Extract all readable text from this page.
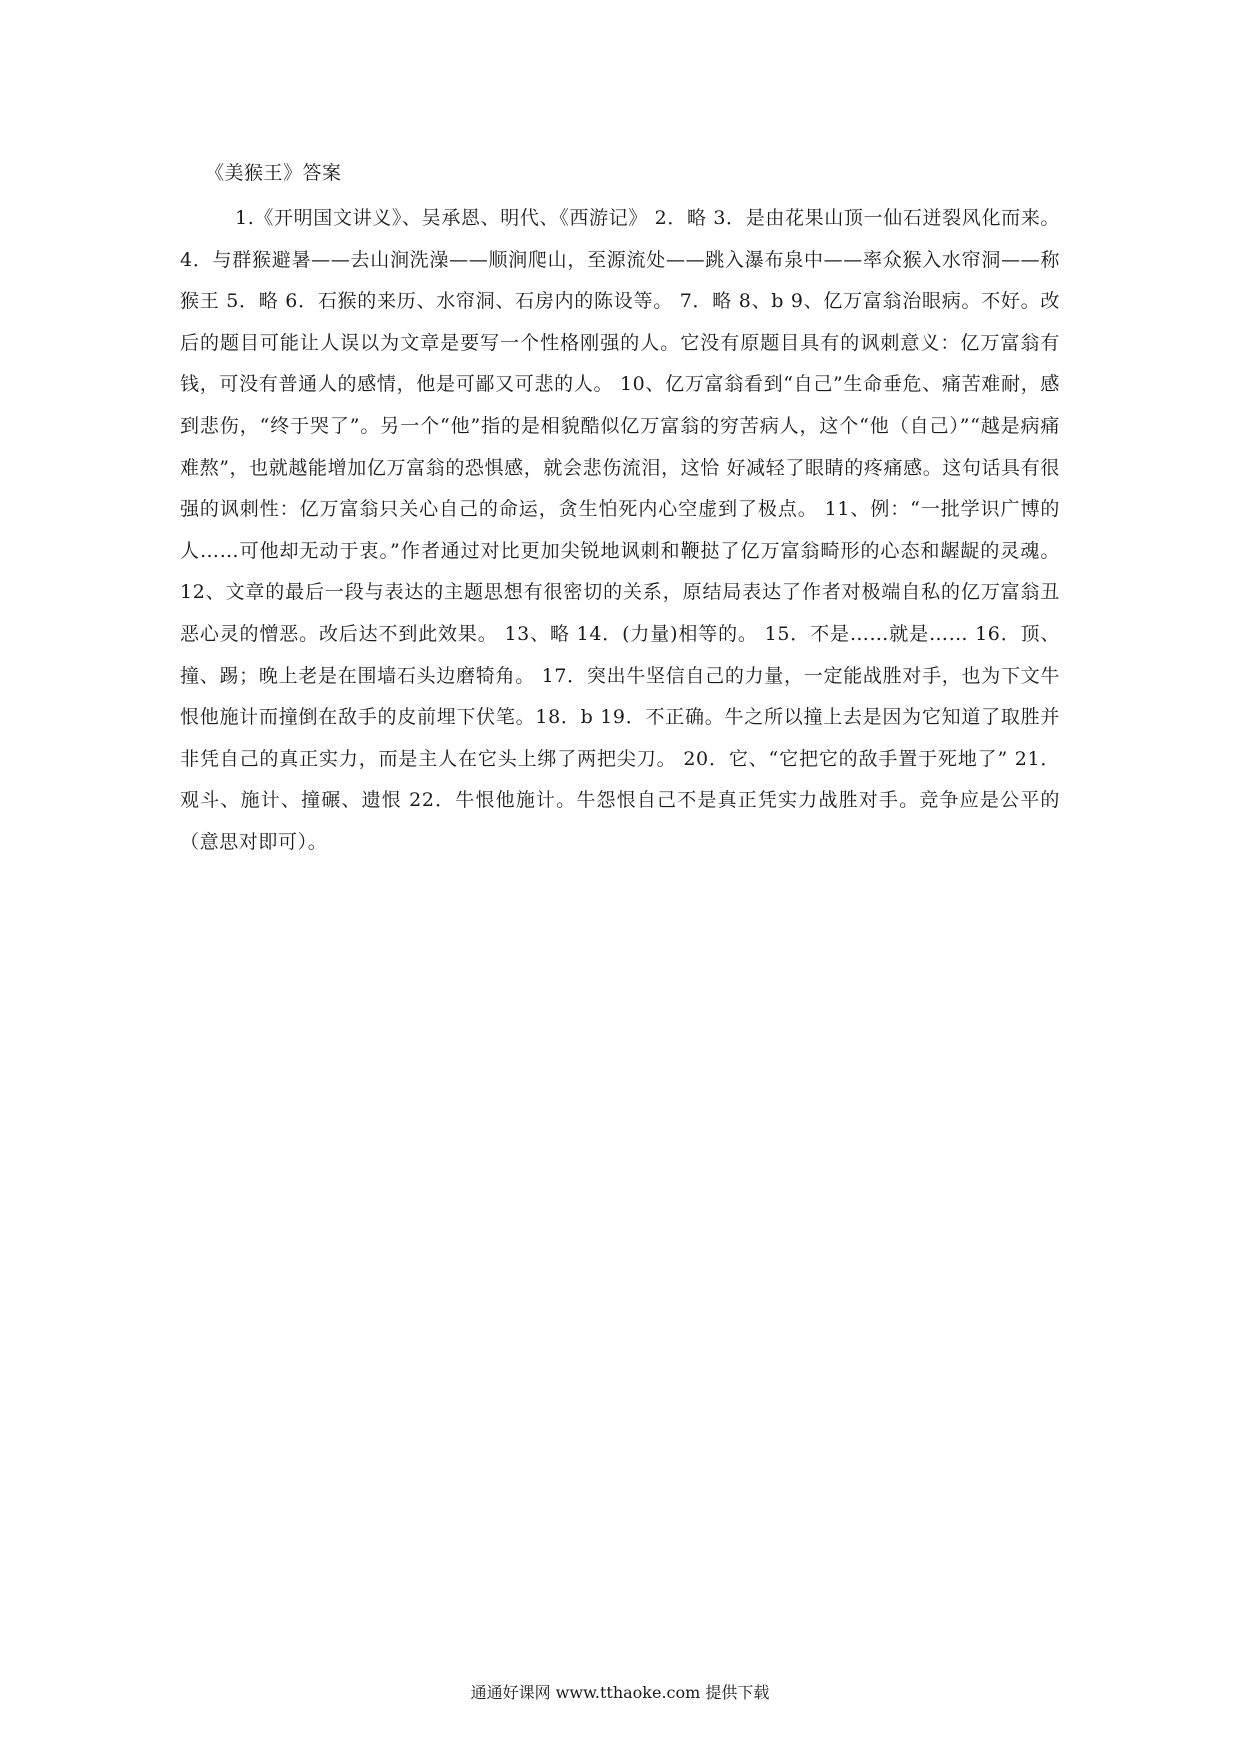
《美猴王》答案
1.《开明国文讲义》、吴承恩、明代、《西游记》 2．略 3．是由花果山顶一仙石迸裂风化而来。 4．与群猴避暑——去山涧洗澡——顺涧爬山，至源流处——跳入瀑布泉中——率众猴入水帘洞——称猴王 5．略 6．石猴的来历、水帘洞、石房内的陈设等。 7．略 8、b 9、亿万富翁治眼病。不好。改后的题目可能让人误以为文章是要写一个性格刚强的人。它没有原题目具有的讽刺意义：亿万富翁有钱，可没有普通人的感情，他是可鄙又可悲的人。 10、亿万富翁看到“自己”生命垂危、痛苦难耐，感到悲伤，“终于哭了”。另一个“他”指的是相貌酷似亿万富翁的穷苦病人，这个“他（自己）”“越是病痛难熬”，也就越能增加亿万富翁的恐惧感，就会悲伤流泪，这恰 好减轻了眼睛的疼痛感。这句话具有很强的讽刺性：亿万富翁只关心自己的命运，贪生怕死内心空虚到了极点。 11、例：“一批学识广博的人……可他却无动于衷。”作者通过对比更加尖锐地讽刺和鞭挞了亿万富翁畸形的心态和龌龊的灵魂。 12、文章的最后一段与表达的主题思想有很密切的关系，原结局表达了作者对极端自私的亿万富翁丑恶心灵的憎恶。改后达不到此效果。 13、略 14．(力量)相等的。 15．不是……就是…… 16．顶、撞、踢；晚上老是在围墙石头边磨犄角。 17．突出牛坚信自己的力量，一定能战胜对手，也为下文牛恨他施计而撞倒在敌手的皮前埋下伏笔。18．b 19．不正确。牛之所以撞上去是因为它知道了取胜并非凭自己的真正实力，而是主人在它头上绑了两把尖刀。 20．它、“它把它的敌手置于死地了” 21．观斗、施计、撞碾、遗恨 22．牛恨他施计。牛怨恨自己不是真正凭实力战胜对手。竞争应是公平的（意思对即可）。
通通好课网 www.tthaoke.com 提供下载
